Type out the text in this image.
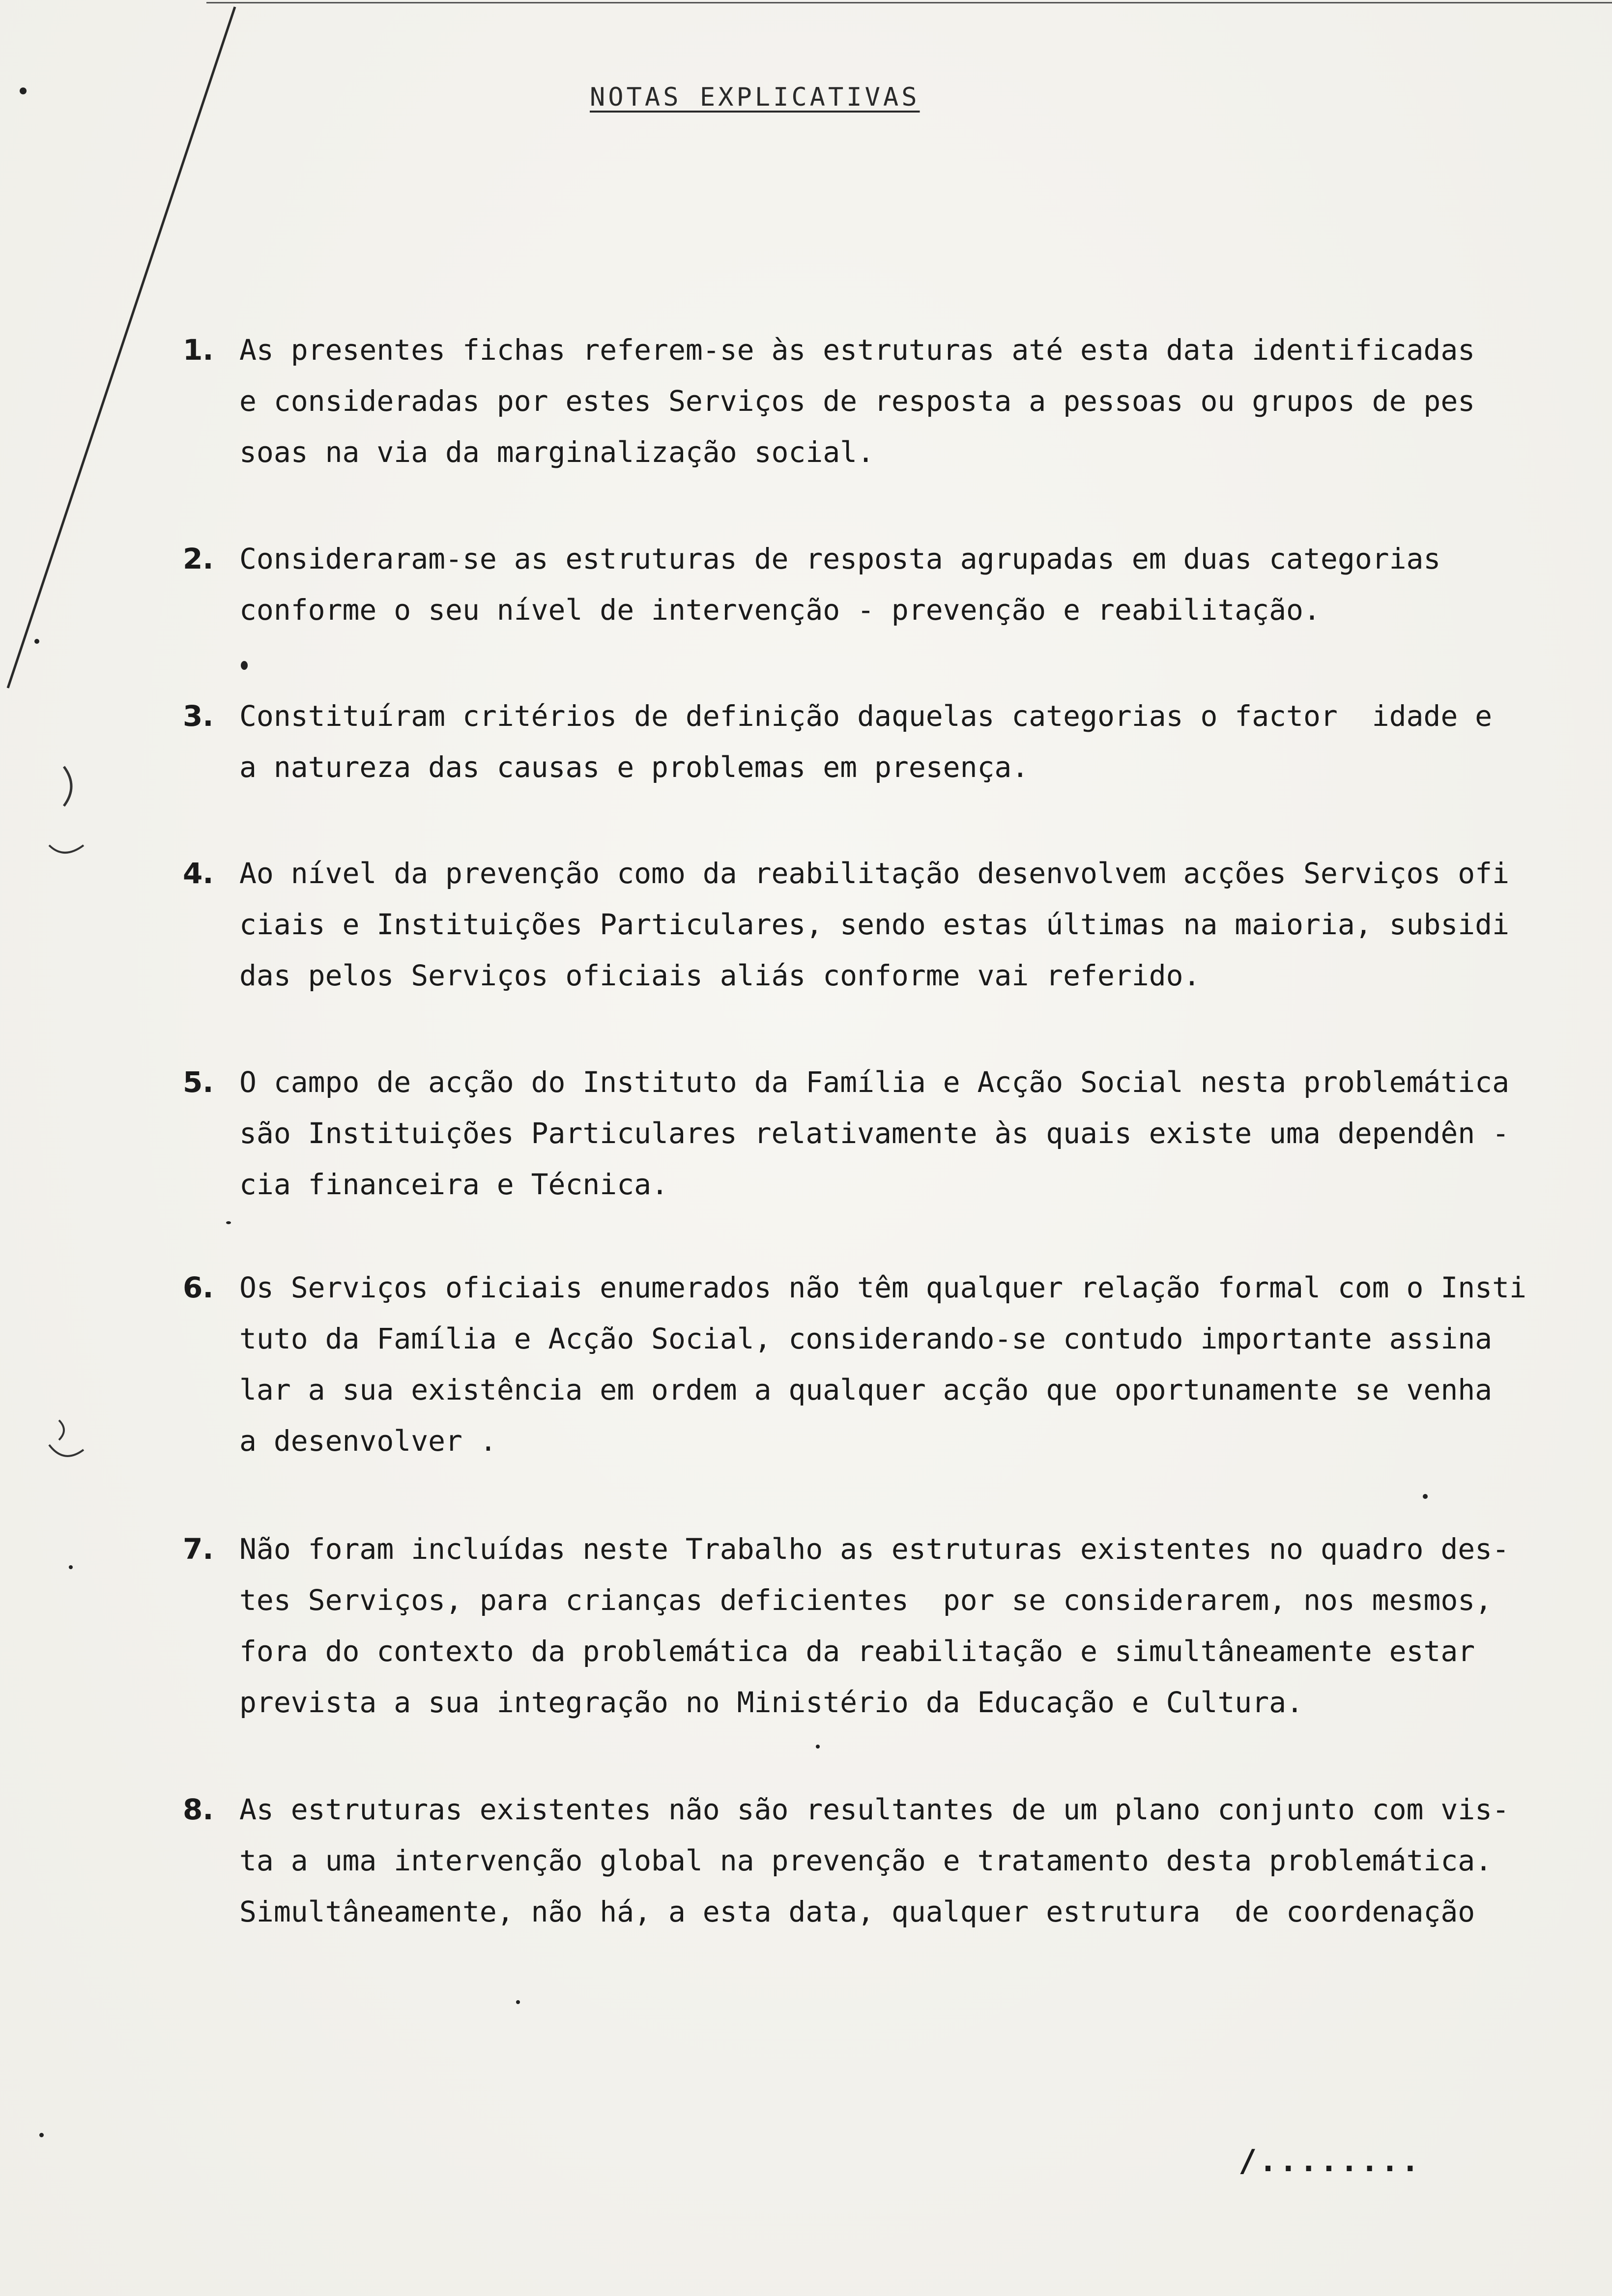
NOTAS EXPLICATIVAS
1. As presentes fichas referem-se às estruturas até esta data identificadas
e consideradas por estes Serviços de resposta a pessoas ou grupos de pes
soas na via da marginalização social.
2. Consideraram-se as estruturas de resposta agrupadas em duas categorias
conforme o seu nível de intervenção - prevenção e reabilitação.
3. Constituíram critérios de definição daquelas categorias o factor  idade e
a natureza das causas e problemas em presença.
4. Ao nível da prevenção como da reabilitação desenvolvem acções Serviços ofi
ciais e Instituições Particulares, sendo estas últimas na maioria, subsidi
das pelos Serviços oficiais aliás conforme vai referido.
5. O campo de acção do Instituto da Família e Acção Social nesta problemática
são Instituições Particulares relativamente às quais existe uma dependên -
cia financeira e Técnica.
6. Os Serviços oficiais enumerados não têm qualquer relação formal com o Insti
tuto da Família e Acção Social, considerando-se contudo importante assina
lar a sua existência em ordem a qualquer acção que oportunamente se venha
a desenvolver .
7. Não foram incluídas neste Trabalho as estruturas existentes no quadro des-
tes Serviços, para crianças deficientes  por se considerarem, nos mesmos,
fora do contexto da problemática da reabilitação e simultâneamente estar
prevista a sua integração no Ministério da Educação e Cultura.
8. As estruturas existentes não são resultantes de um plano conjunto com vis-
ta a uma intervenção global na prevenção e tratamento desta problemática.
Simultâneamente, não há, a esta data, qualquer estrutura  de coordenação
/........
